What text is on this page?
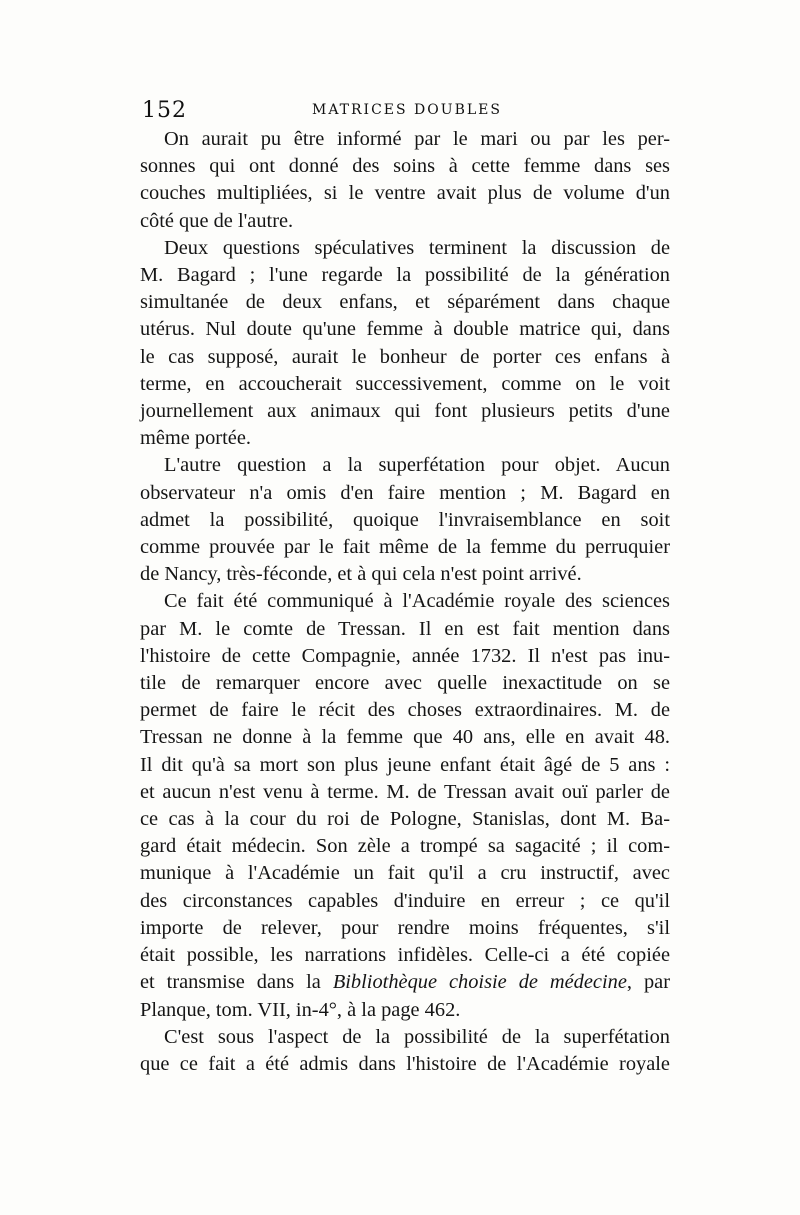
152	MATRICES DOUBLES
On aurait pu être informé par le mari ou par les per-
sonnes qui ont donné des soins à cette femme dans ses
couches multipliées, si le ventre avait plus de volume d'un
côté que de l'autre.
Deux questions spéculatives terminent la discussion de
M. Bagard ; l'une regarde la possibilité de la génération
simultanée de deux enfans, et séparément dans chaque
utérus. Nul doute qu'une femme à double matrice qui, dans
le cas supposé, aurait le bonheur de porter ces enfans à
terme, en accoucherait successivement, comme on le voit
journellement aux animaux qui font plusieurs petits d'une
même portée.
L'autre question a la superfétation pour objet. Aucun
observateur n'a omis d'en faire mention ; M. Bagard en
admet la possibilité, quoique l'invraisemblance en soit
comme prouvée par le fait même de la femme du perruquier
de Nancy, très-féconde, et à qui cela n'est point arrivé.
Ce fait été communiqué à l'Académie royale des sciences
par M. le comte de Tressan. Il en est fait mention dans
l'histoire de cette Compagnie, année 1732. Il n'est pas inu-
tile de remarquer encore avec quelle inexactitude on se
permet de faire le récit des choses extraordinaires. M. de
Tressan ne donne à la femme que 40 ans, elle en avait 48.
Il dit qu'à sa mort son plus jeune enfant était âgé de 5 ans :
et aucun n'est venu à terme. M. de Tressan avait ouï parler de
ce cas à la cour du roi de Pologne, Stanislas, dont M. Ba-
gard était médecin. Son zèle a trompé sa sagacité ; il com-
munique à l'Académie un fait qu'il a cru instructif, avec
des circonstances capables d'induire en erreur ; ce qu'il
importe de relever, pour rendre moins fréquentes, s'il
était possible, les narrations infidèles. Celle-ci a été copiée
et transmise dans la Bibliothèque choisie de médecine, par
Planque, tom. VII, in-4°, à la page 462.
C'est sous l'aspect de la possibilité de la superfétation
que ce fait a été admis dans l'histoire de l'Académie royale
